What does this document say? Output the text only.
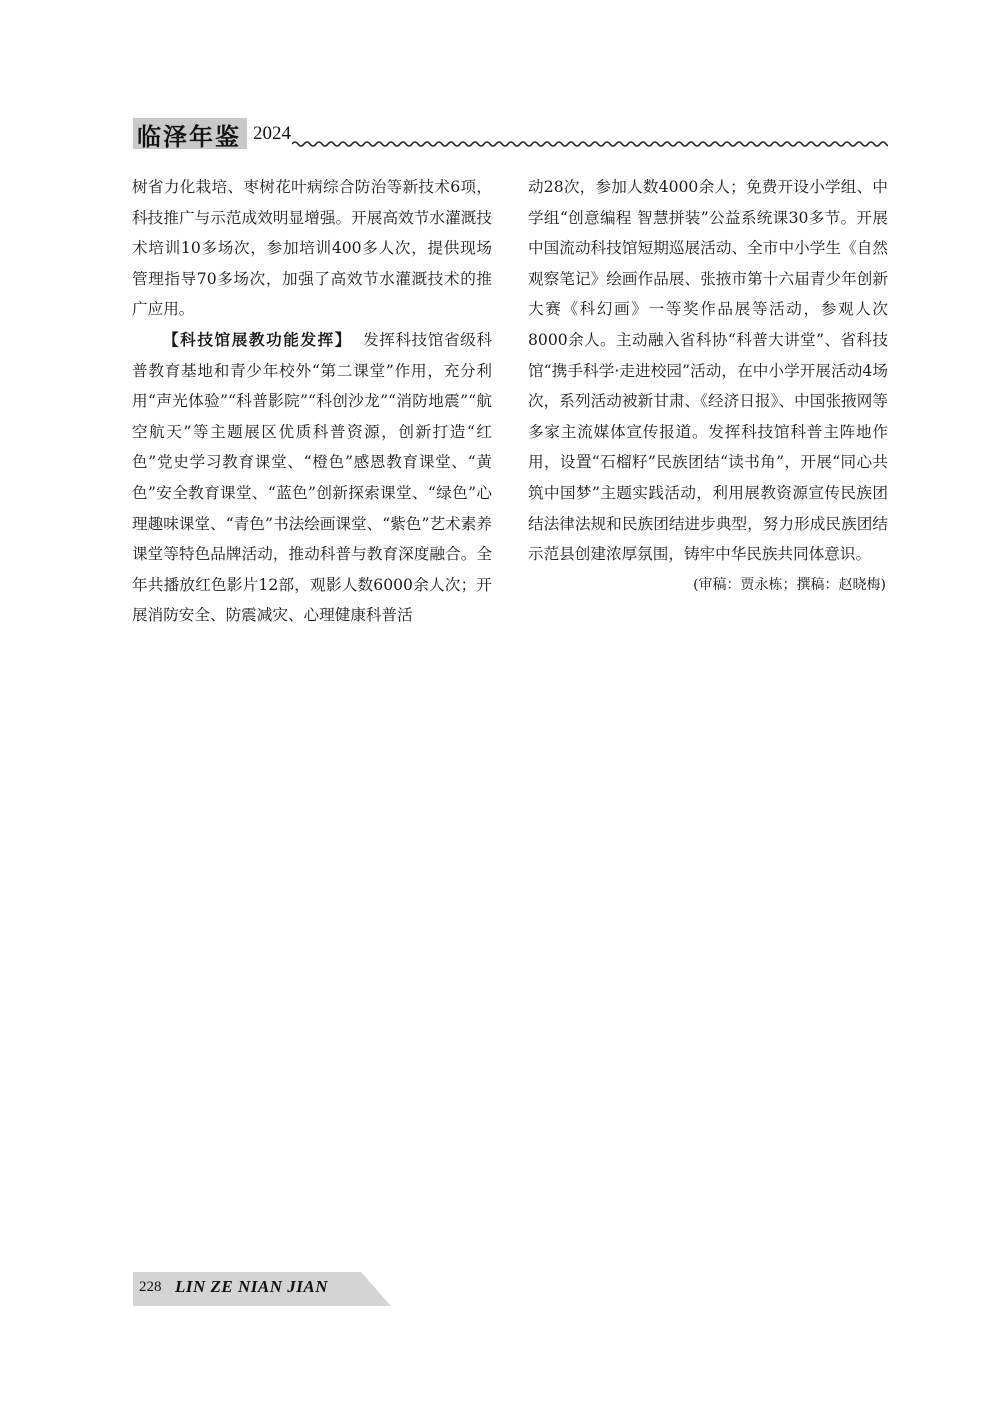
临泽年鉴 2024

树省力化栽培、枣树花叶病综合防治等新技术6项，科技推广与示范成效明显增强。开展高效节水灌溉技术培训10多场次，参加培训400多人次，提供现场管理指导70多场次，加强了高效节水灌溉技术的推广应用。

【科技馆展教功能发挥】 发挥科技馆省级科普教育基地和青少年校外“第二课堂”作用，充分利用“声光体验”“科普影院”“科创沙龙”“消防地震”“航空航天”等主题展区优质科普资源，创新打造“红色”党史学习教育课堂、“橙色”感恩教育课堂、“黄色”安全教育课堂、“蓝色”创新探索课堂、“绿色”心理趣味课堂、“青色”书法绘画课堂、“紫色”艺术素养课堂等特色品牌活动，推动科普与教育深度融合。全年共播放红色影片12部，观影人数6000余人次；开展消防安全、防震减灾、心理健康科普活

动28次，参加人数4000余人；免费开设小学组、中学组“创意编程 智慧拼装”公益系统课30多节。开展中国流动科技馆短期巡展活动、全市中小学生《自然观察笔记》绘画作品展、张掖市第十六届青少年创新大赛《科幻画》一等奖作品展等活动，参观人次8000余人。主动融入省科协“科普大讲堂”、省科技馆“携手科学·走进校园”活动，在中小学开展活动4场次，系列活动被新甘肃、《经济日报》、中国张掖网等多家主流媒体宣传报道。发挥科技馆科普主阵地作用，设置“石榴籽”民族团结“读书角”，开展“同心共筑中国梦”主题实践活动，利用展教资源宣传民族团结法律法规和民族团结进步典型，努力形成民族团结示范县创建浓厚氛围，铸牢中华民族共同体意识。

(审稿：贾永栋；撰稿：赵晓梅)

228 LIN ZE NIAN JIAN
